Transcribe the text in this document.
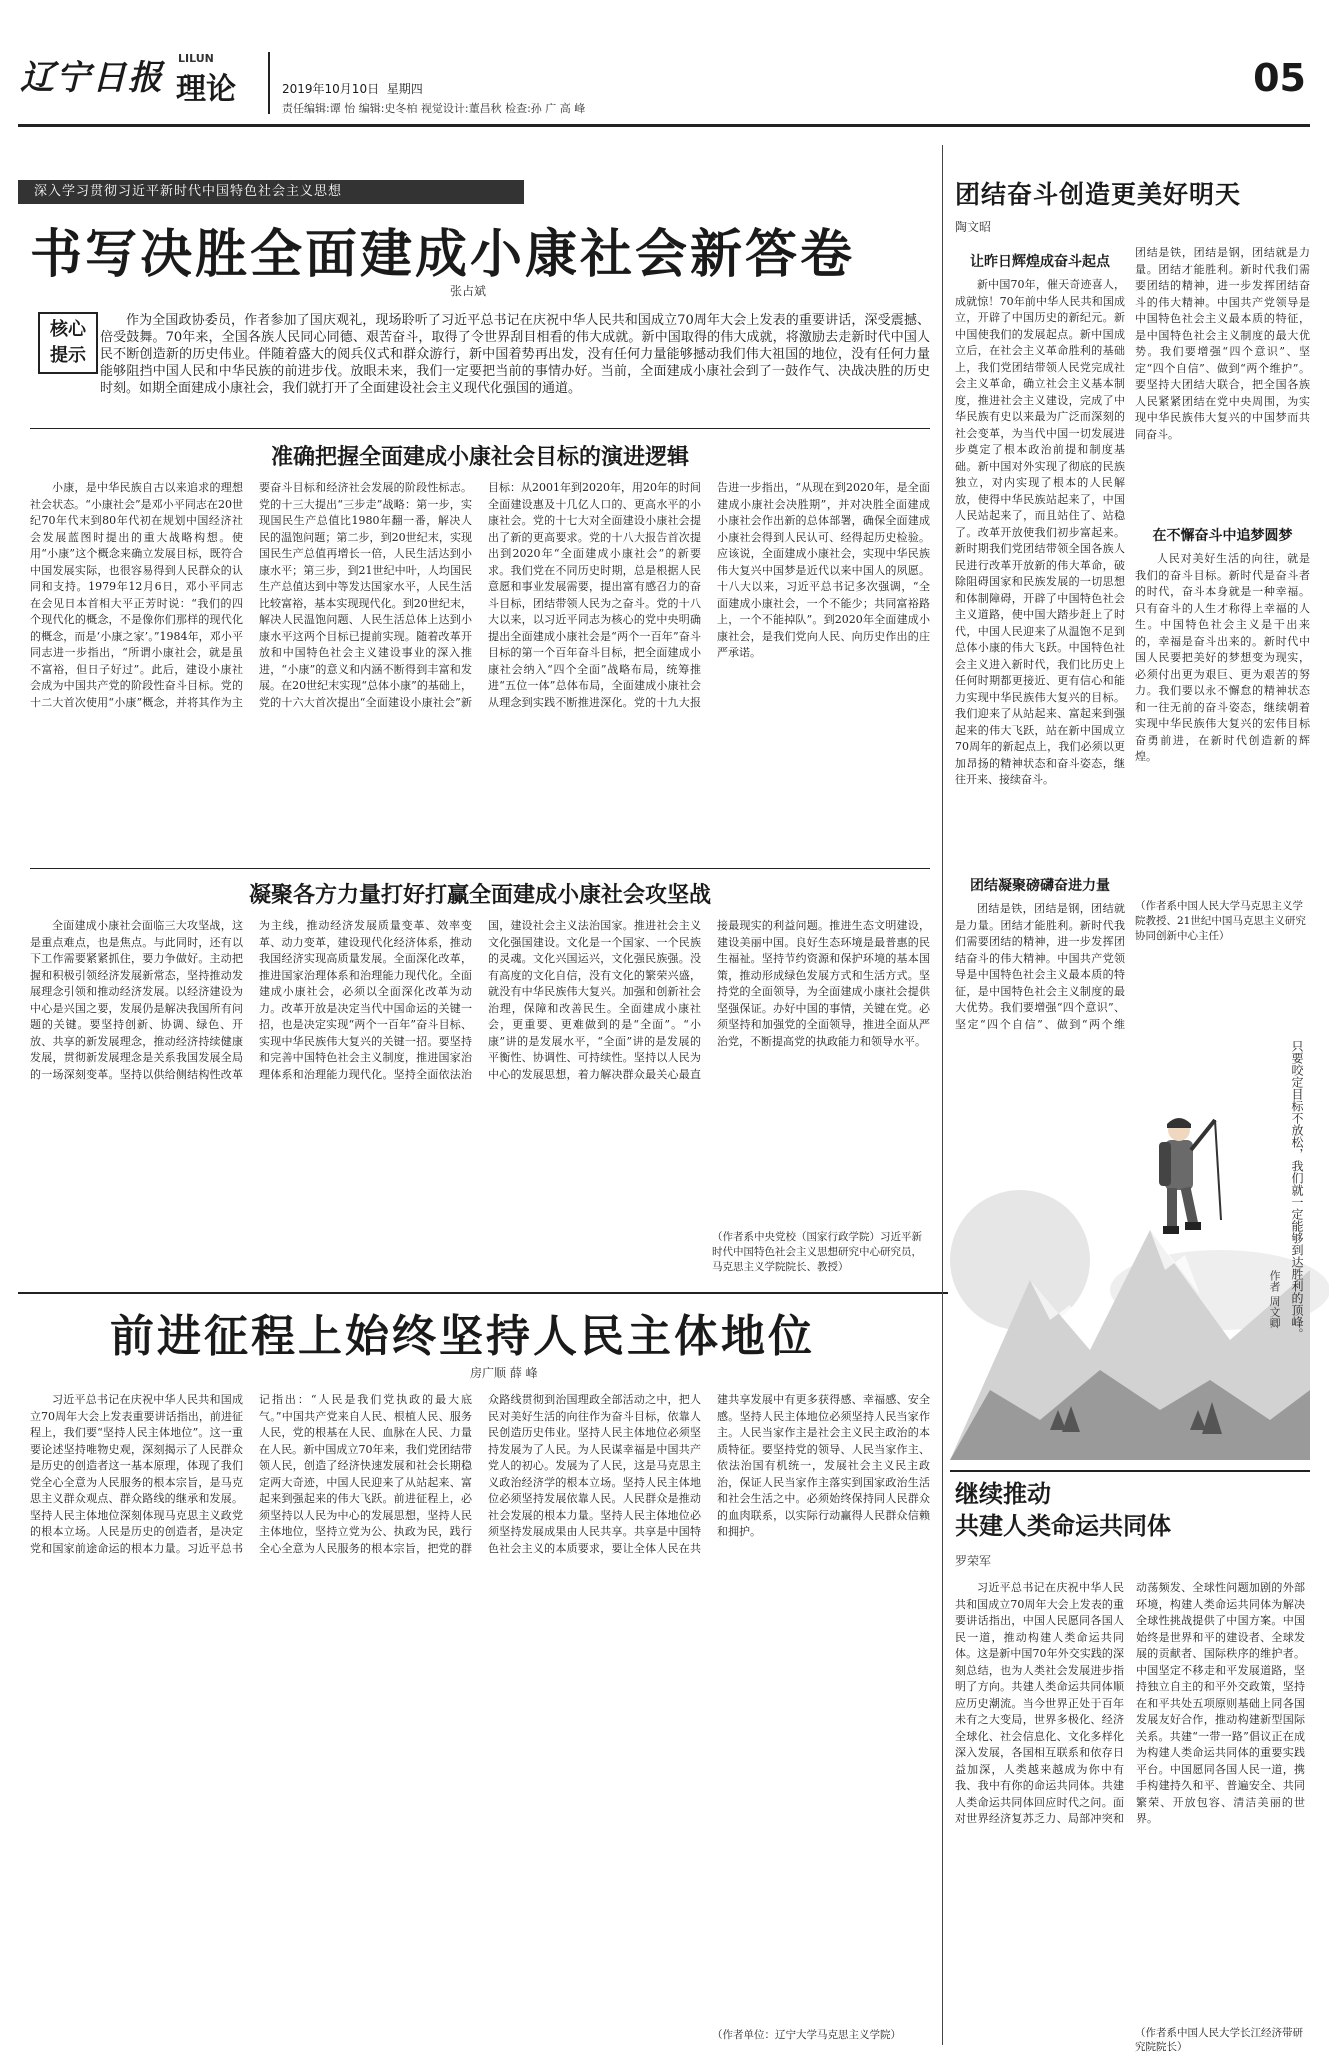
辽宁日报	LILUN
理论	2019年10月10日 星期四
责任编辑:谭 怡 编辑:史冬柏 视觉设计:董昌秋 检查:孙 广 高 峰
05
深入学习贯彻习近平新时代中国特色社会主义思想
书写决胜全面建成小康社会新答卷
张占斌
核心提示
作为全国政协委员，作者参加了国庆观礼，现场聆听了习近平总书记在庆祝中华人民共和国成立70周年大会上发表的重要讲话，深受震撼、倍受鼓舞。70年来，全国各族人民同心同德、艰苦奋斗，取得了令世界刮目相看的伟大成就。新中国取得的伟大成就，将激励去走新时代中国人民不断创造新的历史伟业。伴随着盛大的阅兵仪式和群众游行，新中国着势再出发，没有任何力量能够撼动我们伟大祖国的地位，没有任何力量能够阻挡中国人民和中华民族的前进步伐。放眼未来，我们一定要把当前的事情办好。当前，全面建成小康社会到了一鼓作气、决战决胜的历史时刻。如期全面建成小康社会，我们就打开了全面建设社会主义现代化强国的通道。
准确把握全面建成小康社会目标的演进逻辑
小康，是中华民族自古以来追求的理想社会状态。“小康社会”是邓小平同志在20世纪70年代末到80年代初在规划中国经济社会发展蓝图时提出的重大战略构想。使用“小康”这个概念来确立发展目标，既符合中国发展实际，也很容易得到人民群众的认同和支持。1979年12月6日，邓小平同志在会见日本首相大平正芳时说：“我们的四个现代化的概念，不是像你们那样的现代化的概念，而是‘小康之家’。”1984年，邓小平同志进一步指出，“所谓小康社会，就是虽不富裕，但日子好过”。此后，建设小康社会成为中国共产党的阶段性奋斗目标。党的十二大首次使用“小康”概念，并将其作为主要奋斗目标和经济社会发展的阶段性标志。党的十三大提出“三步走”战略：第一步，实现国民生产总值比1980年翻一番，解决人民的温饱问题；第二步，到20世纪末，实现国民生产总值再增长一倍，人民生活达到小康水平；第三步，到21世纪中叶，人均国民生产总值达到中等发达国家水平，人民生活比较富裕，基本实现现代化。到20世纪末，解决人民温饱问题、人民生活总体上达到小康水平这两个目标已提前实现。随着改革开放和中国特色社会主义建设事业的深入推进，“小康”的意义和内涵不断得到丰富和发展。在20世纪末实现“总体小康”的基础上，党的十六大首次提出“全面建设小康社会”新目标：从2001年到2020年，用20年的时间全面建设惠及十几亿人口的、更高水平的小康社会。党的十七大对全面建设小康社会提出了新的更高要求。党的十八大报告首次提出到2020年“全面建成小康社会”的新要求。我们党在不同历史时期，总是根据人民意愿和事业发展需要，提出富有感召力的奋斗目标，团结带领人民为之奋斗。党的十八大以来，以习近平同志为核心的党中央明确提出全面建成小康社会是“两个一百年”奋斗目标的第一个百年奋斗目标，把全面建成小康社会纳入“四个全面”战略布局，统筹推进“五位一体”总体布局，全面建成小康社会从理念到实践不断推进深化。党的十九大报告进一步指出，“从现在到2020年，是全面建成小康社会决胜期”，并对决胜全面建成小康社会作出新的总体部署，确保全面建成小康社会得到人民认可、经得起历史检验。应该说，全面建成小康社会，实现中华民族伟大复兴中国梦是近代以来中国人的夙愿。十八大以来，习近平总书记多次强调，“全面建成小康社会，一个不能少；共同富裕路上，一个不能掉队”。到2020年全面建成小康社会，是我们党向人民、向历史作出的庄严承诺。
凝聚各方力量打好打赢全面建成小康社会攻坚战
全面建成小康社会面临三大攻坚战，这是重点难点，也是焦点。与此同时，还有以下工作需要紧紧抓住，要力争做好。主动把握和积极引领经济发展新常态，坚持推动发展理念引领和推动经济发展。以经济建设为中心是兴国之要，发展仍是解决我国所有问题的关键。要坚持创新、协调、绿色、开放、共享的新发展理念，推动经济持续健康发展，贯彻新发展理念是关系我国发展全局的一场深刻变革。坚持以供给侧结构性改革为主线，推动经济发展质量变革、效率变革、动力变革，建设现代化经济体系，推动我国经济实现高质量发展。全面深化改革，推进国家治理体系和治理能力现代化。全面建成小康社会，必须以全面深化改革为动力。改革开放是决定当代中国命运的关键一招，也是决定实现“两个一百年”奋斗目标、实现中华民族伟大复兴的关键一招。要坚持和完善中国特色社会主义制度，推进国家治理体系和治理能力现代化。坚持全面依法治国，建设社会主义法治国家。推进社会主义文化强国建设。文化是一个国家、一个民族的灵魂。文化兴国运兴，文化强民族强。没有高度的文化自信，没有文化的繁荣兴盛，就没有中华民族伟大复兴。加强和创新社会治理，保障和改善民生。全面建成小康社会，更重要、更难做到的是“全面”。“小康”讲的是发展水平，“全面”讲的是发展的平衡性、协调性、可持续性。坚持以人民为中心的发展思想，着力解决群众最关心最直接最现实的利益问题。推进生态文明建设，建设美丽中国。良好生态环境是最普惠的民生福祉。坚持节约资源和保护环境的基本国策，推动形成绿色发展方式和生活方式。坚持党的全面领导，为全面建成小康社会提供坚强保证。办好中国的事情，关键在党。必须坚持和加强党的全面领导，推进全面从严治党，不断提高党的执政能力和领导水平。
（作者系中央党校（国家行政学院）习近平新时代中国特色社会主义思想研究中心研究员，马克思主义学院院长、教授）
前进征程上始终坚持人民主体地位
房广顺 薛 峰
习近平总书记在庆祝中华人民共和国成立70周年大会上发表重要讲话指出，前进征程上，我们要“坚持人民主体地位”。这一重要论述坚持唯物史观，深刻揭示了人民群众是历史的创造者这一基本原理，体现了我们党全心全意为人民服务的根本宗旨，是马克思主义群众观点、群众路线的继承和发展。坚持人民主体地位深刻体现马克思主义政党的根本立场。人民是历史的创造者，是决定党和国家前途命运的根本力量。习近平总书记指出：“人民是我们党执政的最大底气。”中国共产党来自人民、根植人民、服务人民，党的根基在人民、血脉在人民、力量在人民。新中国成立70年来，我们党团结带领人民，创造了经济快速发展和社会长期稳定两大奇迹，中国人民迎来了从站起来、富起来到强起来的伟大飞跃。前进征程上，必须坚持以人民为中心的发展思想，坚持人民主体地位，坚持立党为公、执政为民，践行全心全意为人民服务的根本宗旨，把党的群众路线贯彻到治国理政全部活动之中，把人民对美好生活的向往作为奋斗目标，依靠人民创造历史伟业。坚持人民主体地位必须坚持发展为了人民。为人民谋幸福是中国共产党人的初心。发展为了人民，这是马克思主义政治经济学的根本立场。坚持人民主体地位必须坚持发展依靠人民。人民群众是推动社会发展的根本力量。坚持人民主体地位必须坚持发展成果由人民共享。共享是中国特色社会主义的本质要求，要让全体人民在共建共享发展中有更多获得感、幸福感、安全感。坚持人民主体地位必须坚持人民当家作主。人民当家作主是社会主义民主政治的本质特征。要坚持党的领导、人民当家作主、依法治国有机统一，发展社会主义民主政治，保证人民当家作主落实到国家政治生活和社会生活之中。必须始终保持同人民群众的血肉联系，以实际行动赢得人民群众信赖和拥护。
（作者单位：辽宁大学马克思主义学院）
团结奋斗创造更美好明天
陶文昭
让昨日辉煌成奋斗起点
新中国70年，催天奇迹喜人，成就惊！70年前中华人民共和国成立，开辟了中国历史的新纪元。新中国使我们的发展起点。新中国成立后，在社会主义革命胜利的基础上，我们党团结带领人民党完成社会主义革命，确立社会主义基本制度，推进社会主义建设，完成了中华民族有史以来最为广泛而深刻的社会变革，为当代中国一切发展进步奠定了根本政治前提和制度基础。新中国对外实现了彻底的民族独立，对内实现了根本的人民解放，使得中华民族站起来了，中国人民站起来了，而且站住了、站稳了。改革开放使我们初步富起来。新时期我们党团结带领全国各族人民进行改革开放新的伟大革命，破除阻碍国家和民族发展的一切思想和体制障碍，开辟了中国特色社会主义道路，使中国大踏步赶上了时代，中国人民迎来了从温饱不足到总体小康的伟大飞跃。中国特色社会主义进入新时代，我们比历史上任何时期都更接近、更有信心和能力实现中华民族伟大复兴的目标。我们迎来了从站起来、富起来到强起来的伟大飞跃，站在新中国成立70周年的新起点上，我们必须以更加昂扬的精神状态和奋斗姿态，继往开来、接续奋斗。
团结凝聚磅礴奋进力量
团结是铁，团结是钢，团结就是力量。团结才能胜利。新时代我们需要团结的精神，进一步发挥团结奋斗的伟大精神。中国共产党领导是中国特色社会主义最本质的特征，是中国特色社会主义制度的最大优势。我们要增强“四个意识”、坚定“四个自信”、做到“两个维
团结是铁，团结是钢，团结就是力量。团结才能胜利。新时代我们需要团结的精神，进一步发挥团结奋斗的伟大精神。中国共产党领导是中国特色社会主义最本质的特征，是中国特色社会主义制度的最大优势。我们要增强“四个意识”、坚定“四个自信”、做到“两个维护”。要坚持大团结大联合，把全国各族人民紧紧团结在党中央周围，为实现中华民族伟大复兴的中国梦而共同奋斗。
在不懈奋斗中追梦圆梦
人民对美好生活的向往，就是我们的奋斗目标。新时代是奋斗者的时代，奋斗本身就是一种幸福。只有奋斗的人生才称得上幸福的人生。中国特色社会主义是干出来的，幸福是奋斗出来的。新时代中国人民要把美好的梦想变为现实，必须付出更为艰巨、更为艰苦的努力。我们要以永不懈怠的精神状态和一往无前的奋斗姿态，继续朝着实现中华民族伟大复兴的宏伟目标奋勇前进，在新时代创造新的辉煌。
（作者系中国人民大学马克思主义学院教授、21世纪中国马克思主义研究协同创新中心主任）
只要咬定目标不放松，我们就一定能够到达胜利的顶峰。
作者 周文卿
继续推动
共建人类命运共同体
罗荣军
习近平总书记在庆祝中华人民共和国成立70周年大会上发表的重要讲话指出，中国人民愿同各国人民一道，推动构建人类命运共同体。这是新中国70年外交实践的深刻总结，也为人类社会发展进步指明了方向。共建人类命运共同体顺应历史潮流。当今世界正处于百年未有之大变局，世界多极化、经济全球化、社会信息化、文化多样化深入发展，各国相互联系和依存日益加深，人类越来越成为你中有我、我中有你的命运共同体。共建人类命运共同体回应时代之问。面对世界经济复苏乏力、局部冲突和动荡频发、全球性问题加剧的外部环境，构建人类命运共同体为解决全球性挑战提供了中国方案。中国始终是世界和平的建设者、全球发展的贡献者、国际秩序的维护者。中国坚定不移走和平发展道路，坚持独立自主的和平外交政策，坚持在和平共处五项原则基础上同各国发展友好合作，推动构建新型国际关系。共建“一带一路”倡议正在成为构建人类命运共同体的重要实践平台。中国愿同各国人民一道，携手构建持久和平、普遍安全、共同繁荣、开放包容、清洁美丽的世界。
（作者系中国人民大学长江经济带研究院院长）
